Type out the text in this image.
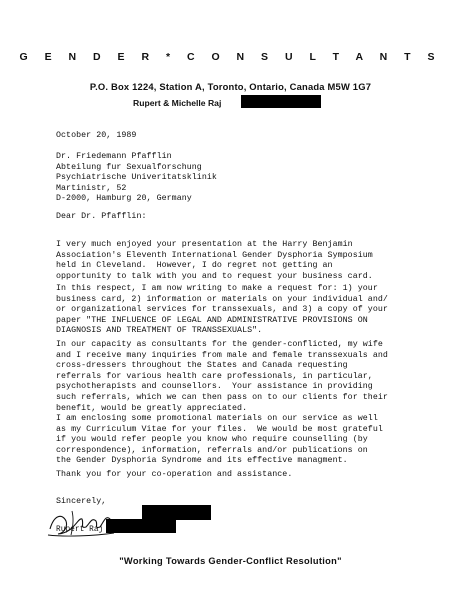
G E N D E R * C O N S U L T A N T S
P.O. Box 1224, Station A, Toronto, Ontario, Canada M5W 1G7
Rupert & Michelle Raj
October 20, 1989
Dr. Friedemann Pfafflin
Abteilung fur Sexualforschung
Psychiatrische Univeritatsklinik
Martinistr, 52
D-2000, Hamburg 20, Germany
Dear Dr. Pfafflin:
I very much enjoyed your presentation at the Harry Benjamin
Association's Eleventh International Gender Dysphoria Symposium
held in Cleveland.  However, I do regret not getting an
opportunity to talk with you and to request your business card.
In this respect, I am now writing to make a request for: 1) your
business card, 2) information or materials on your individual and/
or organizational services for transsexuals, and 3) a copy of your
paper "THE INFLUENCE OF LEGAL AND ADMINISTRATIVE PROVISIONS ON
DIAGNOSIS AND TREATMENT OF TRANSSEXUALS".
In our capacity as consultants for the gender-conflicted, my wife
and I receive many inquiries from male and female transsexuals and
cross-dressers throughout the States and Canada requesting
referrals for various health care professionals, in particular,
psychotherapists and counsellors.  Your assistance in providing
such referrals, which we can then pass on to our clients for their
benefit, would be greatly appreciated.
I am enclosing some promotional materials on our service as well
as my Curriculum Vitae for your files.  We would be most grateful
if you would refer people you know who require counselling (by
correspondence), information, referrals and/or publications on
the Gender Dysphoria Syndrome and its effective managment.
Thank you for your co-operation and assistance.
Sincerely,
Rupert Raj
"Working Towards Gender-Conflict Resolution"
